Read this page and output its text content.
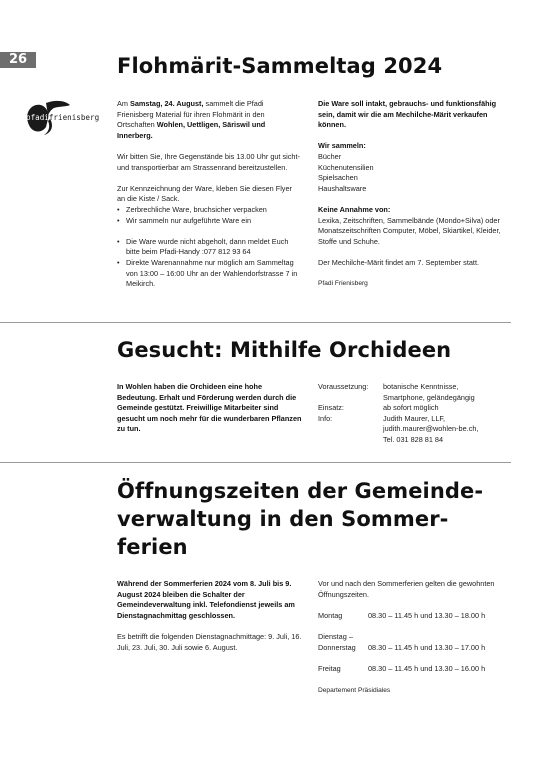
26	Flohmärit-Sammeltag 2024
pfadifrienisberg

Am Samstag, 24. August, sammelt die Pfadi Frienisberg Material für ihren Flohmärit in den Ortschaften Wohlen, Uettligen, Säriswil und Innerberg.

Wir bitten Sie, Ihre Gegenstände bis 13.00 Uhr gut sicht- und transportierbar am Strassenrand bereitzustellen.

Zur Kennzeichnung der Ware, kleben Sie diesen Flyer an die Kiste / Sack.

• Zerbrechliche Ware, bruchsicher verpacken
• Wir sammeln nur aufgeführte Ware ein
• Die Ware wurde nicht abgeholt, dann meldet Euch bitte beim Pfadi-Handy :077 812 93 64
• Direkte Warenannahme nur möglich am Sammeltag von 13:00 – 16:00 Uhr an der Wahlendorfstrasse 7 in Meikirch.

Die Ware soll intakt, gebrauchs- und funktionsfähig sein, damit wir die am Mechilche-Märit verkaufen können.

Wir sammeln:
Bücher
Küchenutensilien
Spielsachen
Haushaltsware
Keine Annahme von:

Lexika, Zeitschriften, Sammelbände (Mondo+Silva) oder Monatszeitschriften Computer, Möbel, Skiartikel, Kleider, Stoffe und Schuhe.

Der Mechilche-Märit findet am 7. September statt.

Pfadi Frienisberg

Gesucht: Mithilfe Orchideen

In Wohlen haben die Orchideen eine hohe Bedeutung. Erhalt und Förderung werden durch die Gemeinde gestützt. Freiwillige Mitarbeiter sind gesucht um noch mehr für die wunderbaren Pflanzen zu tun.

Voraussetzung:	botanische Kenntnisse,
Smartphone, geländegängig
Einsatz:	ab sofort möglich
Info:	Judith Maurer, LLF,
judith.maurer@wohlen-be.ch,
Tel. 031 828 81 84
Öffnungszeiten der Gemeinde-
verwaltung in den Sommer-
ferien

Während der Sommerferien 2024 vom 8. Juli bis 9. August 2024 bleiben die Schalter der Gemeindeverwaltung inkl. Telefondienst jeweils am Dienstagnachmittag geschlossen.

Es betrifft die folgenden Dienstagnachmittage: 9. Juli, 16. Juli, 23. Juli, 30. Juli sowie 6. August.

Vor und nach den Sommerferien gelten die gewohnten Öffnungszeiten.

Montag	08.30 – 11.45 h und 13.30 – 18.00 h
Dienstag –
Donnerstag	08.30 – 11.45 h und 13.30 – 17.00 h
Freitag	08.30 – 11.45 h und 13.30 – 16.00 h

Departement Präsidiales
